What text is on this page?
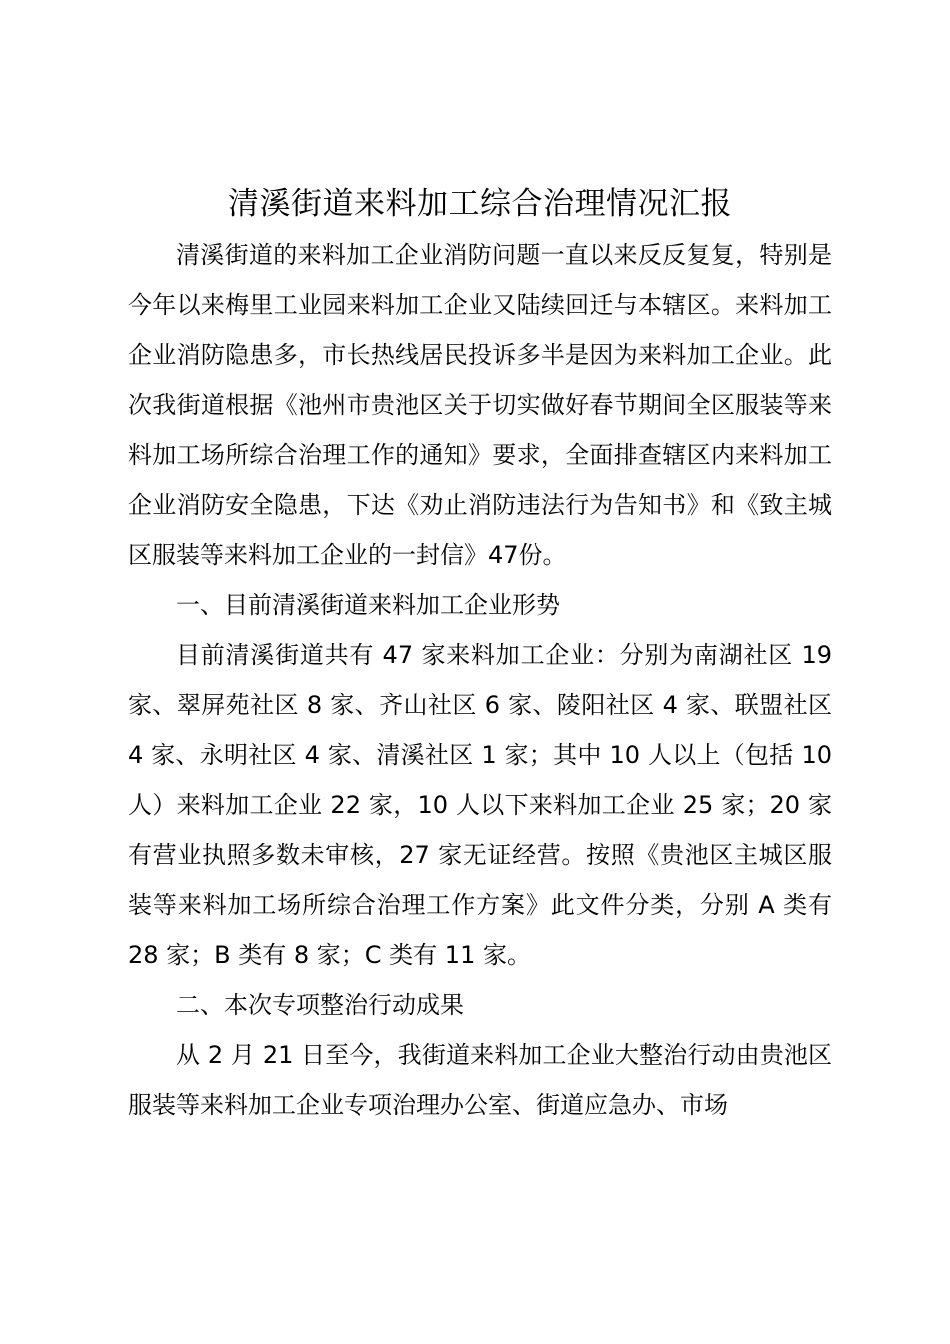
清溪街道来料加工综合治理情况汇报

清溪街道的来料加工企业消防问题一直以来反反复复，特别是今年以来梅里工业园来料加工企业又陆续回迁与本辖区。来料加工企业消防隐患多，市长热线居民投诉多半是因为来料加工企业。此次我街道根据《池州市贵池区关于切实做好春节期间全区服装等来料加工场所综合治理工作的通知》要求，全面排查辖区内来料加工企业消防安全隐患，下达《劝止消防违法行为告知书》和《致主城区服装等来料加工企业的一封信》47份。

一、目前清溪街道来料加工企业形势

目前清溪街道共有 47 家来料加工企业：分别为南湖社区 19 家、翠屏苑社区 8 家、齐山社区 6 家、陵阳社区 4 家、联盟社区 4 家、永明社区 4 家、清溪社区 1 家；其中 10 人以上（包括 10 人）来料加工企业 22 家，10 人以下来料加工企业 25 家；20 家有营业执照多数未审核，27 家无证经营。按照《贵池区主城区服装等来料加工场所综合治理工作方案》此文件分类，分别 A 类有 28 家；B 类有 8 家；C 类有 11 家。

二、本次专项整治行动成果

从 2 月 21 日至今，我街道来料加工企业大整治行动由贵池区服装等来料加工企业专项治理办公室、街道应急办、市场
